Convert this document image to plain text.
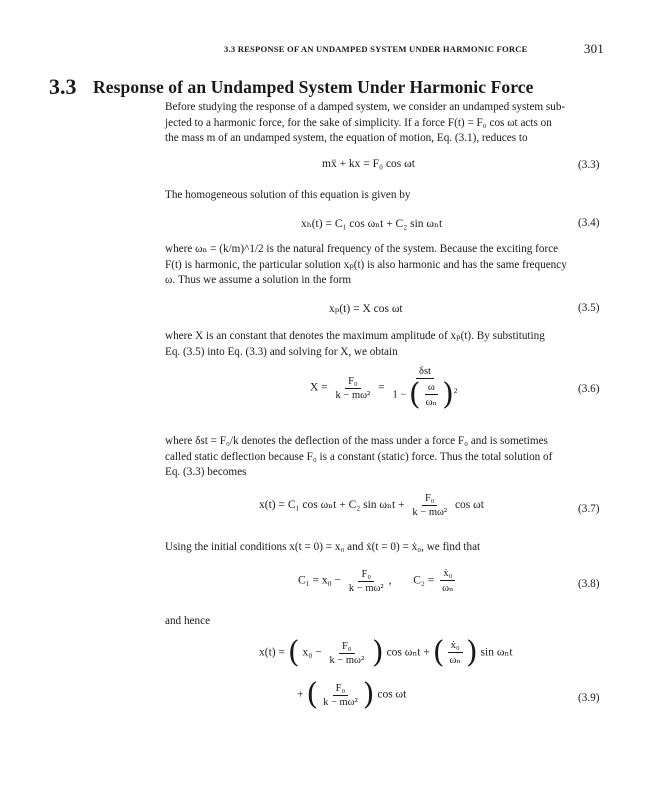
3.3 RESPONSE OF AN UNDAMPED SYSTEM UNDER HARMONIC FORCE	301
3.3 Response of an Undamped System Under Harmonic Force
Before studying the response of a damped system, we consider an undamped system sub-
jected to a harmonic force, for the sake of simplicity. If a force F(t) = F₀ cos ωt acts on
the mass m of an undamped system, the equation of motion, Eq. (3.1), reduces to
mẍ + kx = F₀ cos ωt	(3.3)
The homogeneous solution of this equation is given by
xₕ(t) = C₁ cos ωₙt + C₂ sin ωₙt	(3.4)
where ωₙ = (k/m)^1/2 is the natural frequency of the system. Because the exciting force
F(t) is harmonic, the particular solution xₚ(t) is also harmonic and has the same frequency
ω. Thus we assume a solution in the form
xₚ(t) = X cos ωt	(3.5)
where X is an constant that denotes the maximum amplitude of xₚ(t). By substituting
Eq. (3.5) into Eq. (3.3) and solving for X, we obtain
$X = \frac{\text{F₀}}{\text{k − mω²}} = \frac{\text{δst}}{1 - ( \frac{\omega}{\text{ωₙ}} )^2}$	(3.6)
where δst = F₀/k denotes the deflection of the mass under a force F₀ and is sometimes
called static deflection because F₀ is a constant (static) force. Thus the total solution of
Eq. (3.3) becomes
x(t) = C₁ cos ωₙt + C₂ $\sin \omega_nt + \frac{\text{F₀}}{\text{k − mω²}}$ cos ωt	(3.7)
Using the initial conditions x(t = 0) = x₀ and ẋ(t = 0) = ẋ₀, we find that
$C_1 = x_0 - \frac{\text{F₀}}{\text{k − mω²}}$ , $C_2 = \frac{\text{ẋ₀}}{\text{ωₙ}}$	(3.8)
and hence
x(t) = ( $x_0 - \frac{\text{F₀}}{\text{k − mω²}}$ ) cos ωₙt + ( $\frac{\text{ẋ₀}}{\text{ωₙ}}$ ) sin ωₙt
+ ( $\frac{\text{F₀}}{\text{k − mω²}}$ ) cos ωt	(3.9)
